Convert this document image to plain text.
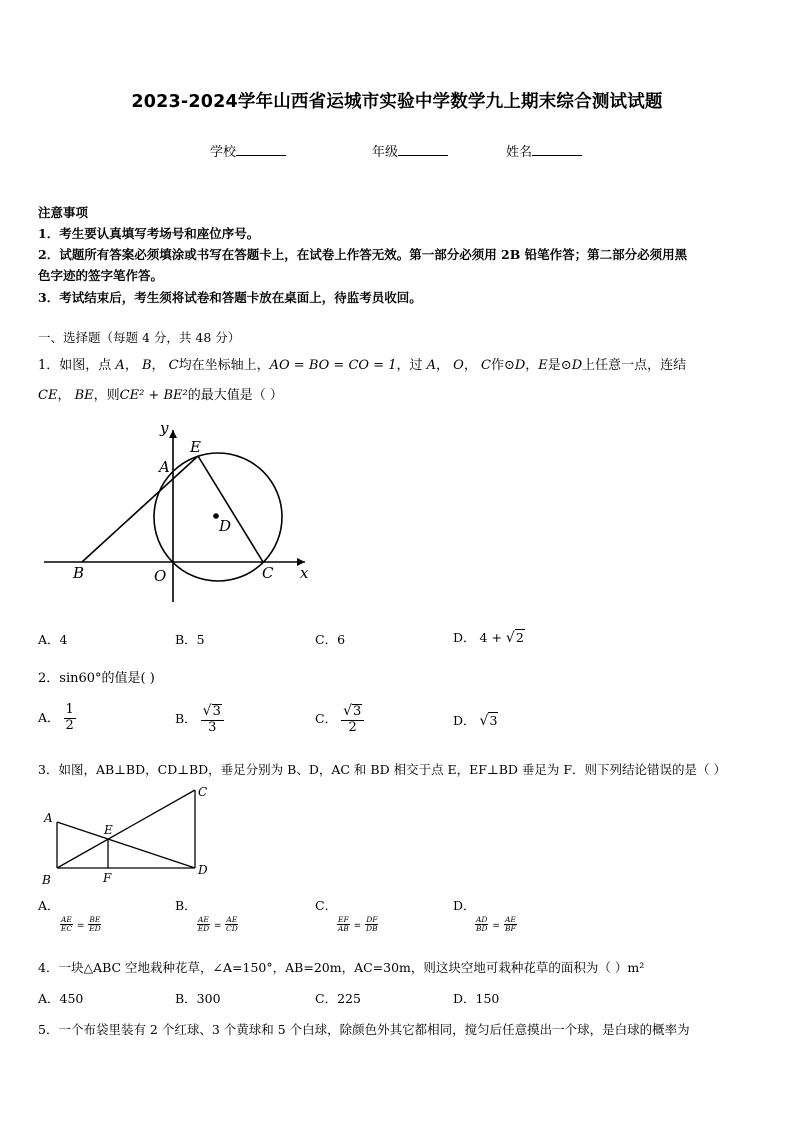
2023-2024学年山西省运城市实验中学数学九上期末综合测试试题
学校	年级	姓名
注意事项
1．考生要认真填写考场号和座位序号。
2．试题所有答案必须填涂或书写在答题卡上，在试卷上作答无效。第一部分必须用 2B 铅笔作答；第二部分必须用黑
色字迹的签字笔作答。
3．考试结束后，考生须将试卷和答题卡放在桌面上，待监考员收回。
一、选择题（每题 4 分，共 48 分）
1．如图，点 A， B， C均在坐标轴上，AO = BO = CO = 1，过 A， O， C作⊙D，E是⊙D上任意一点，连结
CE， BE，则CE² + BE²的最大值是（ ）
y
E
A
D
B	O	C x
A．4	B．5	C．6	D． 4 + √2
2．sin60°的值是( )
A． $\frac{1}{2}$	B． $\frac{√3}{3}$	C． $\frac{√3}{2}$	D． √3
3．如图，AB⊥BD，CD⊥BD，垂足分别为 B、D，AC 和 BD 相交于点 E，EF⊥BD 垂足为 F．则下列结论错误的是（ ）
A
B
C
D
E
F
A．
$\frac{AE}{EC} = \frac{BE}{ED}$
B．
$\frac{AE}{ED} = \frac{AE}{CD}$
C．
$\frac{EF}{AB} = \frac{DF}{DB}$
D．
$\frac{AD}{BD} = \frac{AE}{BF}$
4．一块△ABC 空地栽种花草，∠A=150°，AB=20m，AC=30m，则这块空地可栽种花草的面积为（ ）m²
A．450	B．300	C．225	D．150
5．一个布袋里装有 2 个红球、3 个黄球和 5 个白球，除颜色外其它都相同，搅匀后任意摸出一个球，是白球的概率为
